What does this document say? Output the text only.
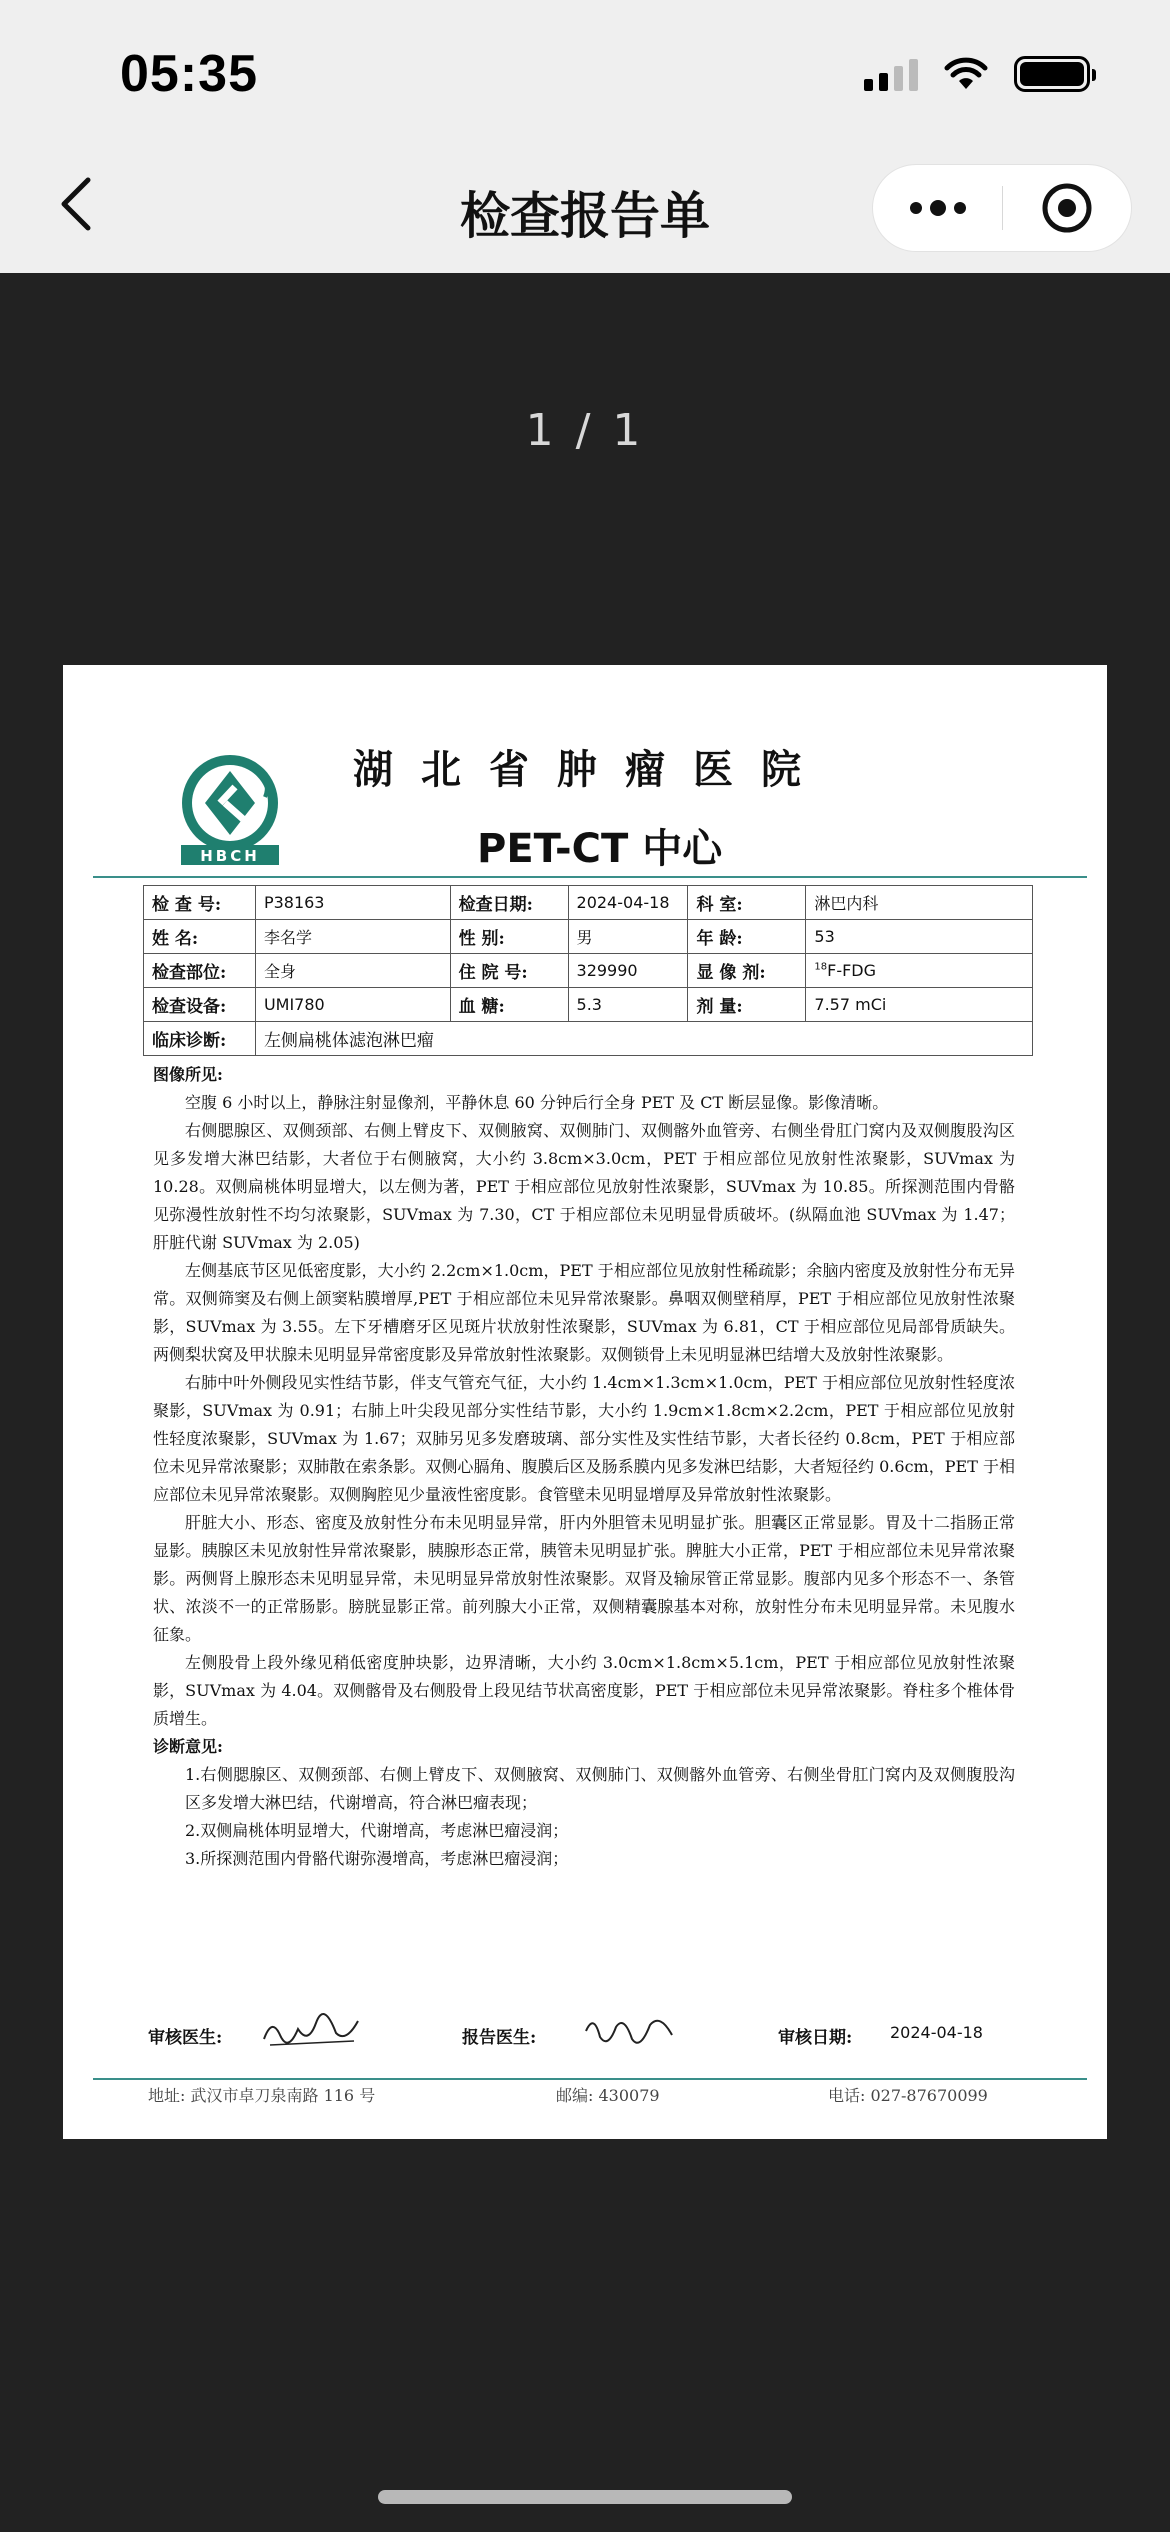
05:35
检查报告单
1 / 1
HBCH
湖北省肿瘤医院
PET-CT 中心
检 查 号:	P38163	检查日期:	2024-04-18	科 室:	淋巴内科
姓 名:	李名学	性 别:	男	年 龄:	53
检查部位:	全身	住 院 号:	329990	显 像 剂:	$^{18}$F-FDG
检查设备:	UMI780	血 糖:	5.3	剂 量:	7.57 mCi
临床诊断:	左侧扁桃体滤泡淋巴瘤				
图像所见:

空腹 6 小时以上，静脉注射显像剂，平静休息 60 分钟后行全身 PET 及 CT 断层显像。影像清晰。

右侧腮腺区、双侧颈部、右侧上臂皮下、双侧腋窝、双侧肺门、双侧髂外血管旁、右侧坐骨肛门窝内及双侧腹股沟区见多发增大淋巴结影，大者位于右侧腋窝，大小约 3.8cm×3.0cm，PET 于相应部位见放射性浓聚影，SUVmax 为 10.28。双侧扁桃体明显增大，以左侧为著，PET 于相应部位见放射性浓聚影，SUVmax 为 10.85。所探测范围内骨骼见弥漫性放射性不均匀浓聚影，SUVmax 为 7.30，CT 于相应部位未见明显骨质破坏。(纵隔血池 SUVmax 为 1.47；肝脏代谢 SUVmax 为 2.05)

左侧基底节区见低密度影，大小约 2.2cm×1.0cm，PET 于相应部位见放射性稀疏影；余脑内密度及放射性分布无异常。双侧筛窦及右侧上颌窦粘膜增厚,PET 于相应部位未见异常浓聚影。鼻咽双侧壁稍厚，PET 于相应部位见放射性浓聚影，SUVmax 为 3.55。左下牙槽磨牙区见斑片状放射性浓聚影，SUVmax 为 6.81，CT 于相应部位见局部骨质缺失。两侧梨状窝及甲状腺未见明显异常密度影及异常放射性浓聚影。双侧锁骨上未见明显淋巴结增大及放射性浓聚影。

右肺中叶外侧段见实性结节影，伴支气管充气征，大小约 1.4cm×1.3cm×1.0cm，PET 于相应部位见放射性轻度浓聚影，SUVmax 为 0.91；右肺上叶尖段见部分实性结节影，大小约 1.9cm×1.8cm×2.2cm，PET 于相应部位见放射性轻度浓聚影，SUVmax 为 1.67；双肺另见多发磨玻璃、部分实性及实性结节影，大者长径约 0.8cm，PET 于相应部位未见异常浓聚影；双肺散在索条影。双侧心膈角、腹膜后区及肠系膜内见多发淋巴结影，大者短径约 0.6cm，PET 于相应部位未见异常浓聚影。双侧胸腔见少量液性密度影。食管壁未见明显增厚及异常放射性浓聚影。

肝脏大小、形态、密度及放射性分布未见明显异常，肝内外胆管未见明显扩张。胆囊区正常显影。胃及十二指肠正常显影。胰腺区未见放射性异常浓聚影，胰腺形态正常，胰管未见明显扩张。脾脏大小正常，PET 于相应部位未见异常浓聚影。两侧肾上腺形态未见明显异常，未见明显异常放射性浓聚影。双肾及输尿管正常显影。腹部内见多个形态不一、条管状、浓淡不一的正常肠影。膀胱显影正常。前列腺大小正常，双侧精囊腺基本对称，放射性分布未见明显异常。未见腹水征象。

左侧股骨上段外缘见稍低密度肿块影，边界清晰，大小约 3.0cm×1.8cm×5.1cm，PET 于相应部位见放射性浓聚影，SUVmax 为 4.04。双侧髂骨及右侧股骨上段见结节状高密度影，PET 于相应部位未见异常浓聚影。脊柱多个椎体骨质增生。

诊断意见:

1.右侧腮腺区、双侧颈部、右侧上臂皮下、双侧腋窝、双侧肺门、双侧髂外血管旁、右侧坐骨肛门窝内及双侧腹股沟区多发增大淋巴结，代谢增高，符合淋巴瘤表现；

2.双侧扁桃体明显增大，代谢增高，考虑淋巴瘤浸润；

3.所探测范围内骨骼代谢弥漫增高，考虑淋巴瘤浸润；

审核医生:	报告医生:	审核日期: 2024-04-18
地址: 武汉市卓刀泉南路 116 号	邮编: 430079	电话: 027-87670099
